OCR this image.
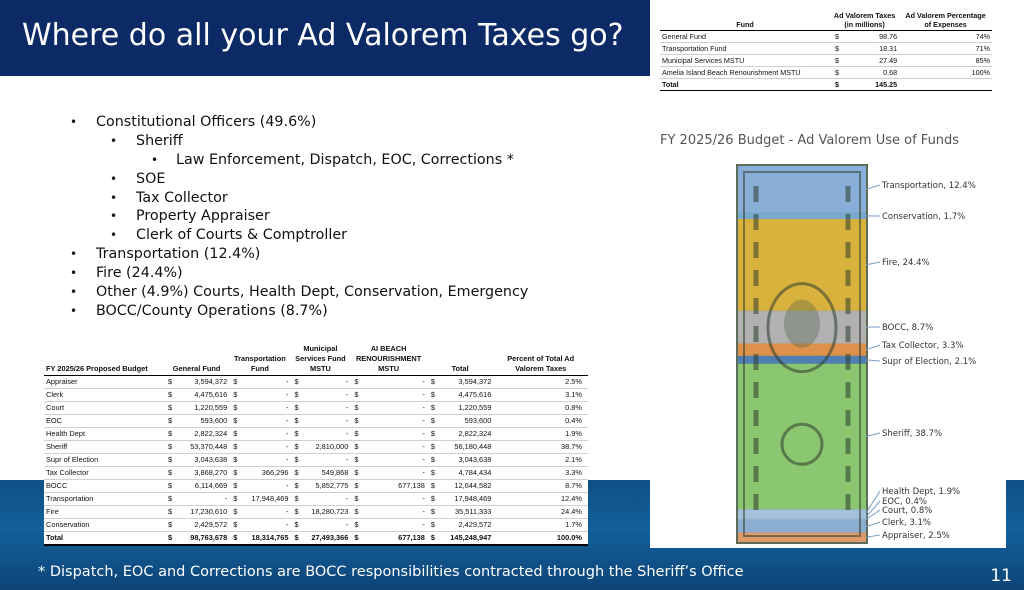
Where do all your Ad Valorem Taxes go?
• Constitutional Officers (49.6%)
• Sheriff
• Law Enforcement, Dispatch, EOC, Corrections *
• SOE
• Tax Collector
• Property Appraiser
• Clerk of Courts & Comptroller
• Transportation (12.4%)
• Fire (24.4%)
• Other (4.9%) Courts, Health Dept, Conservation, Emergency
• BOCC/County Operations (8.7%)
Fund	Ad Valorem Taxes (in millions)		Ad Valorem Percentage of Expenses
General Fund	$	98.76	74%
Transportation Fund	$	18.31	71%
Municipal Services MSTU	$	27.49	85%
Amelia Island Beach Renourishment MSTU	$	0.68	100%
Total	$	145.25	
FY 2025/26 Proposed Budget	General Fund		Transportation Fund		Municipal Services Fund MSTU		AI BEACH RENOURISHMENT MSTU		Total		Percent of Total Ad Valorem Taxes
Appraiser	$	3,594,372	$	-	$	-	$	-	$	3,594,372	2.5%
Clerk	$	4,475,616	$	-	$	-	$	-	$	4,475,616	3.1%
Court	$	1,220,559	$	-	$	-	$	-	$	1,220,559	0.8%
EOC	$	593,600	$	-	$	-	$	-	$	593,600	0.4%
Health Dept	$	2,822,324	$	-	$	-	$	-	$	2,822,324	1.9%
Sheriff	$	53,370,448	$	-	$	2,810,000	$	-	$	56,180,448	38.7%
Supr of Election	$	3,043,638	$	-	$	-	$	-	$	3,043,638	2.1%
Tax Collector	$	3,868,270	$	366,296	$	549,868	$	-	$	4,784,434	3.3%
BOCC	$	6,114,669	$	-	$	5,852,775	$	677,138	$	12,644,582	8.7%
Transportation	$	-	$	17,948,469	$	-	$	-	$	17,948,469	12.4%
Fire	$	17,230,610	$	-	$	18,280,723	$	-	$	35,511,333	24.4%
Conservation	$	2,429,572	$	-	$	-	$	-	$	2,429,572	1.7%
Total	$	98,763,678	$	18,314,765	$	27,493,366	$	677,138	$	145,248,947	100.0%
FY 2025/26 Budget - Ad Valorem Use of Funds
Transportation, 12.4%
Conservation, 1.7%
Fire, 24.4%
BOCC, 8.7%
Tax Collector, 3.3%
Supr of Election, 2.1%
Sheriff, 38.7%
Health Dept, 1.9%
EOC, 0.4%
Court, 0.8%
Clerk, 3.1%
Appraiser, 2.5%
* Dispatch, EOC and Corrections are BOCC responsibilities contracted through the Sheriff’s Office	11
